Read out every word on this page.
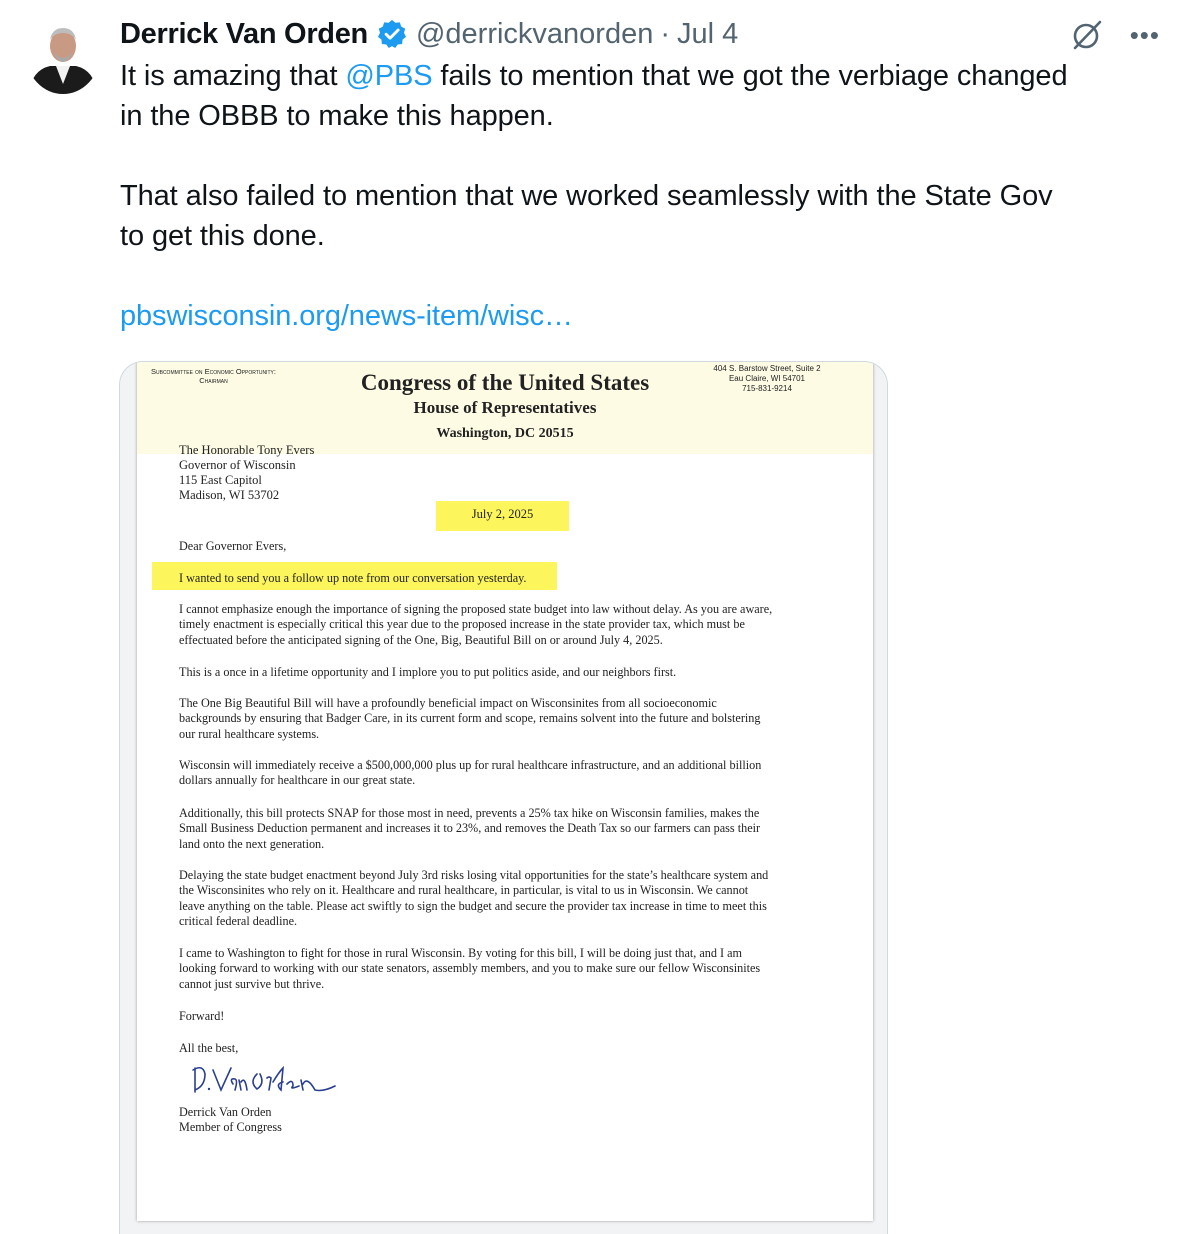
Derrick Van Orden @derrickvanorden · Jul 4	•••

It is amazing that @PBS fails to mention that we got the verbiage changed

in the OBBB to make this happen.

That also failed to mention that we worked seamlessly with the State Gov

to get this done.

pbswisconsin.org/news-item/wisc…

Subcommittee on Economic Opportunity:
Chairman
404 S. Barstow Street, Suite 2
Eau Claire, WI 54701
715-831-9214
Congress of the United States
House of Representatives
Washington, DC 20515
The Honorable Tony Evers
Governor of Wisconsin
115 East Capitol
Madison, WI 53702
July 2, 2025
Dear Governor Evers,
I wanted to send you a follow up note from our conversation yesterday.
I cannot emphasize enough the importance of signing the proposed state budget into law without delay. As you are aware,
timely enactment is especially critical this year due to the proposed increase in the state provider tax, which must be
effectuated before the anticipated signing of the One, Big, Beautiful Bill on or around July 4, 2025.
This is a once in a lifetime opportunity and I implore you to put politics aside, and our neighbors first.
The One Big Beautiful Bill will have a profoundly beneficial impact on Wisconsinites from all socioeconomic
backgrounds by ensuring that Badger Care, in its current form and scope, remains solvent into the future and bolstering
our rural healthcare systems.
Wisconsin will immediately receive a $500,000,000 plus up for rural healthcare infrastructure, and an additional billion
dollars annually for healthcare in our great state.
Additionally, this bill protects SNAP for those most in need, prevents a 25% tax hike on Wisconsin families, makes the
Small Business Deduction permanent and increases it to 23%, and removes the Death Tax so our farmers can pass their
land onto the next generation.
Delaying the state budget enactment beyond July 3rd risks losing vital opportunities for the state’s healthcare system and
the Wisconsinites who rely on it. Healthcare and rural healthcare, in particular, is vital to us in Wisconsin. We cannot
leave anything on the table. Please act swiftly to sign the budget and secure the provider tax increase in time to meet this
critical federal deadline.
I came to Washington to fight for those in rural Wisconsin. By voting for this bill, I will be doing just that, and I am
looking forward to working with our state senators, assembly members, and you to make sure our fellow Wisconsinites
cannot just survive but thrive.
Forward!
All the best,
Derrick Van Orden
Member of Congress
